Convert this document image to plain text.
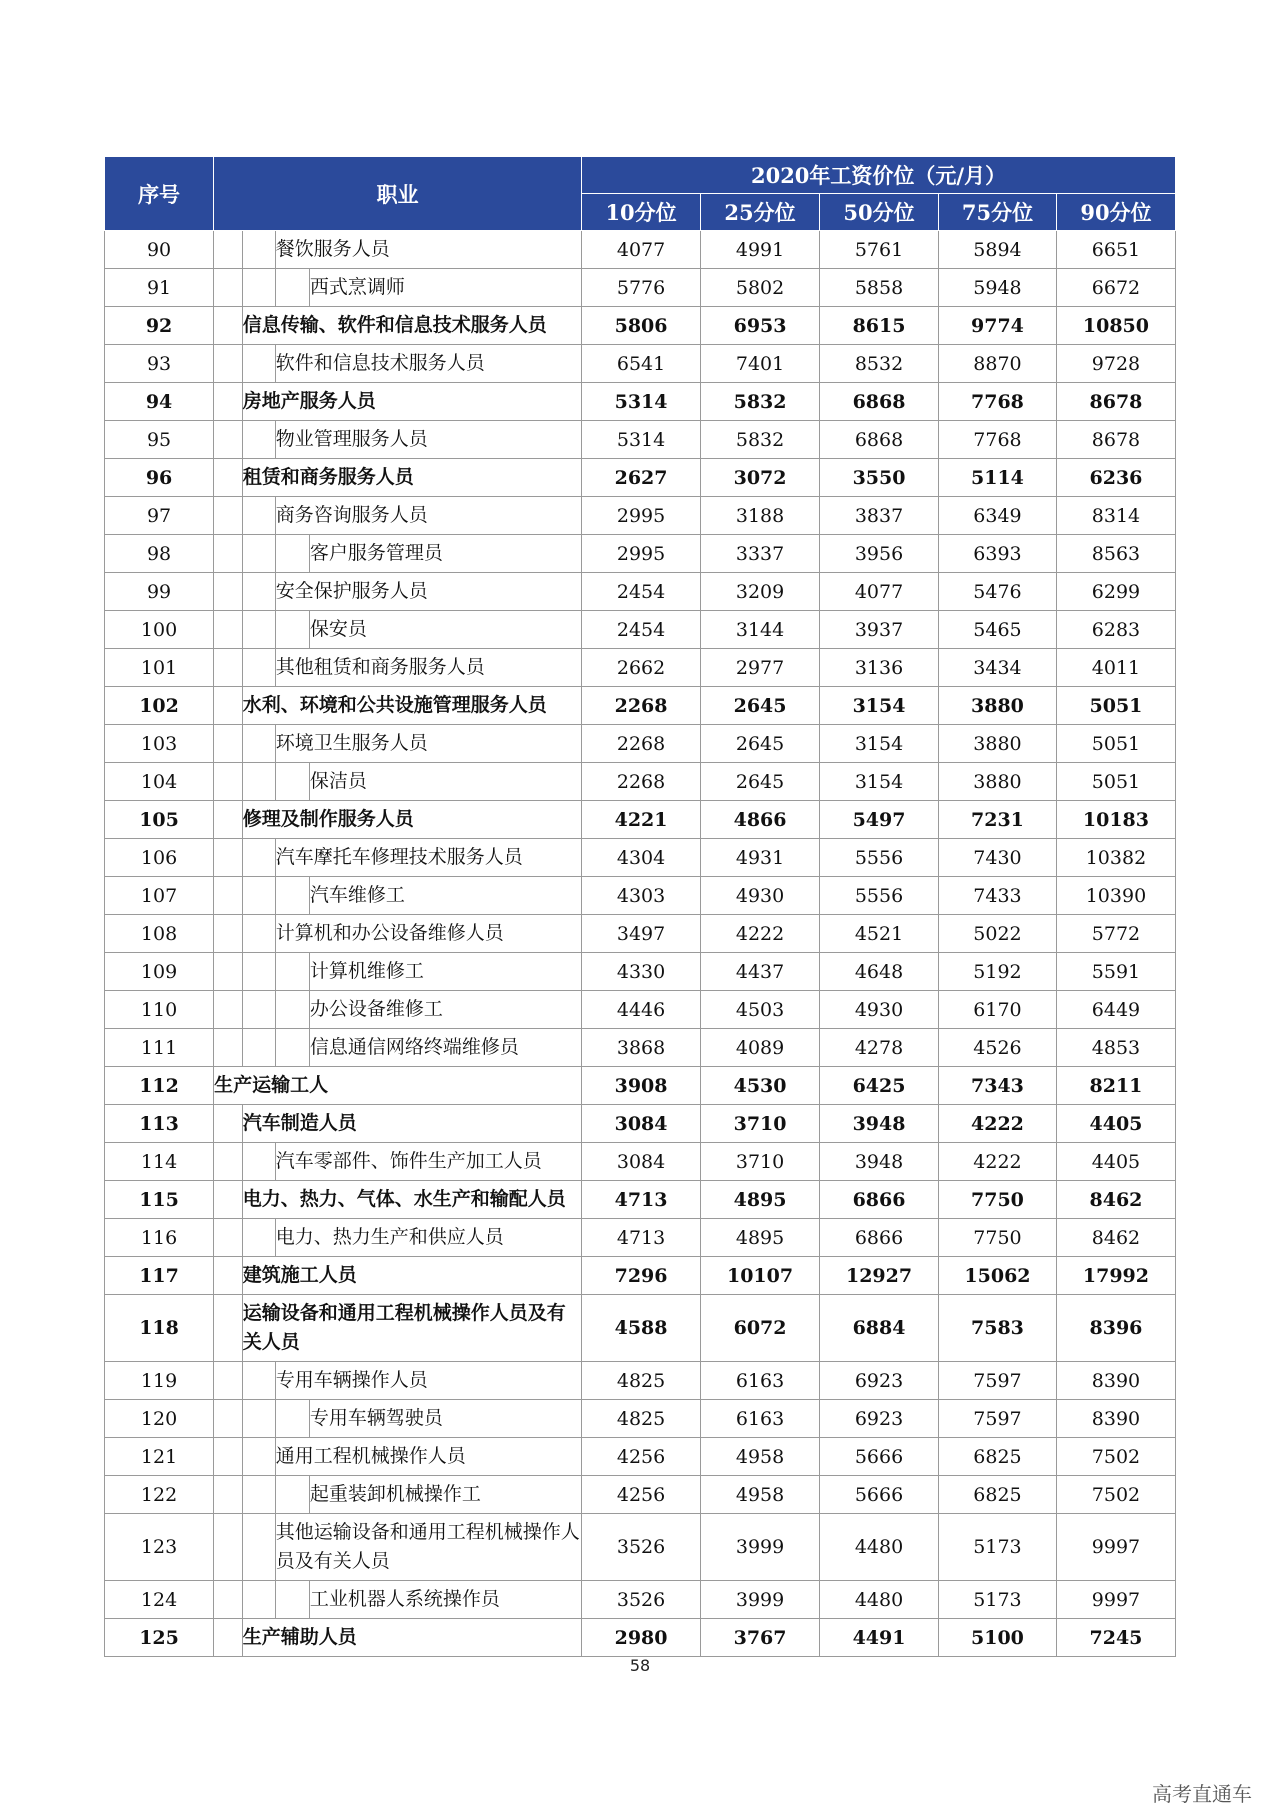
序号	职业				2020年工资价位（元/月）				
					10分位	25分位	50分位	75分位	90分位
90			餐饮服务人员		4077	4991	5761	5894	6651
91				西式烹调师	5776	5802	5858	5948	6672
92		信息传输、软件和信息技术服务人员			5806	6953	8615	9774	10850
93			软件和信息技术服务人员		6541	7401	8532	8870	9728
94		房地产服务人员			5314	5832	6868	7768	8678
95			物业管理服务人员		5314	5832	6868	7768	8678
96		租赁和商务服务人员			2627	3072	3550	5114	6236
97			商务咨询服务人员		2995	3188	3837	6349	8314
98				客户服务管理员	2995	3337	3956	6393	8563
99			安全保护服务人员		2454	3209	4077	5476	6299
100				保安员	2454	3144	3937	5465	6283
101			其他租赁和商务服务人员		2662	2977	3136	3434	4011
102		水利、环境和公共设施管理服务人员			2268	2645	3154	3880	5051
103			环境卫生服务人员		2268	2645	3154	3880	5051
104				保洁员	2268	2645	3154	3880	5051
105		修理及制作服务人员			4221	4866	5497	7231	10183
106			汽车摩托车修理技术服务人员		4304	4931	5556	7430	10382
107				汽车维修工	4303	4930	5556	7433	10390
108			计算机和办公设备维修人员		3497	4222	4521	5022	5772
109				计算机维修工	4330	4437	4648	5192	5591
110				办公设备维修工	4446	4503	4930	6170	6449
111				信息通信网络终端维修员	3868	4089	4278	4526	4853
112	生产运输工人				3908	4530	6425	7343	8211
113		汽车制造人员			3084	3710	3948	4222	4405
114			汽车零部件、饰件生产加工人员		3084	3710	3948	4222	4405
115		电力、热力、气体、水生产和输配人员			4713	4895	6866	7750	8462
116			电力、热力生产和供应人员		4713	4895	6866	7750	8462
117		建筑施工人员			7296	10107	12927	15062	17992
118		运输设备和通用工程机械操作人员及有关人员			4588	6072	6884	7583	8396
119			专用车辆操作人员		4825	6163	6923	7597	8390
120				专用车辆驾驶员	4825	6163	6923	7597	8390
121			通用工程机械操作人员		4256	4958	5666	6825	7502
122				起重装卸机械操作工	4256	4958	5666	6825	7502
123			其他运输设备和通用工程机械操作人员及有关人员		3526	3999	4480	5173	9997
124				工业机器人系统操作员	3526	3999	4480	5173	9997
125		生产辅助人员			2980	3767	4491	5100	7245
58
高考直通车
